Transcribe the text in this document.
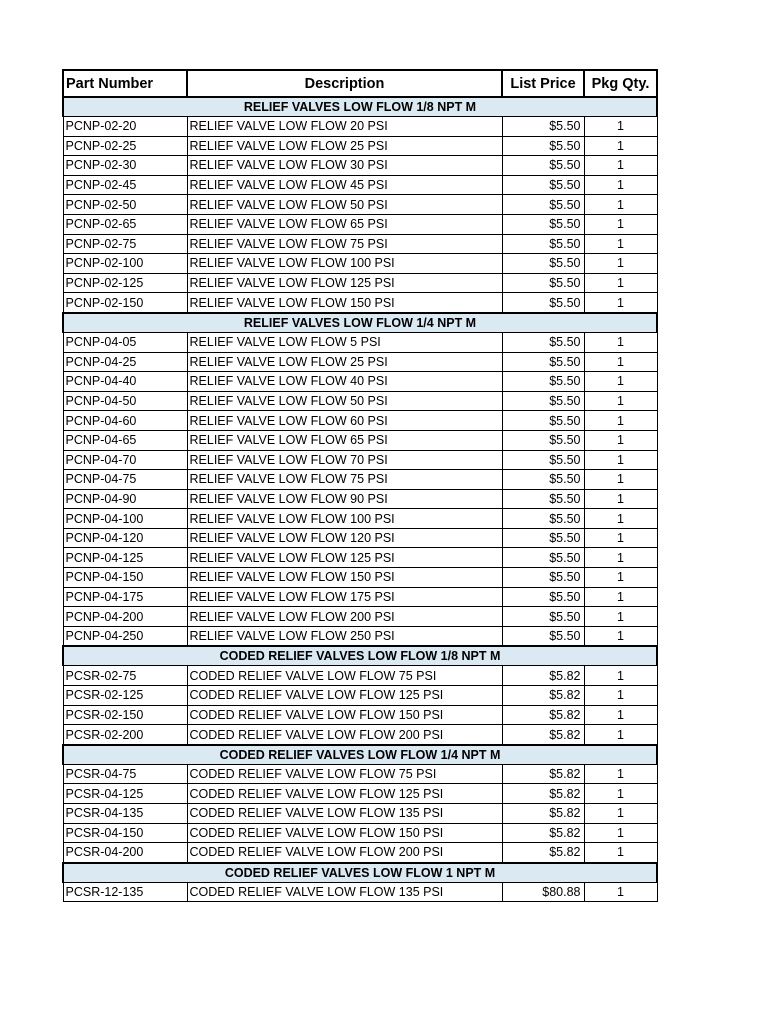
Part Number	Description	List Price	Pkg Qty.
RELIEF VALVES LOW FLOW 1/8 NPT M			
PCNP-02-20	RELIEF VALVE LOW FLOW 20 PSI	$5.50	1
PCNP-02-25	RELIEF VALVE LOW FLOW 25 PSI	$5.50	1
PCNP-02-30	RELIEF VALVE LOW FLOW 30 PSI	$5.50	1
PCNP-02-45	RELIEF VALVE LOW FLOW 45 PSI	$5.50	1
PCNP-02-50	RELIEF VALVE LOW FLOW 50 PSI	$5.50	1
PCNP-02-65	RELIEF VALVE LOW FLOW 65 PSI	$5.50	1
PCNP-02-75	RELIEF VALVE LOW FLOW 75 PSI	$5.50	1
PCNP-02-100	RELIEF VALVE LOW FLOW 100 PSI	$5.50	1
PCNP-02-125	RELIEF VALVE LOW FLOW 125 PSI	$5.50	1
PCNP-02-150	RELIEF VALVE LOW FLOW 150 PSI	$5.50	1
RELIEF VALVES LOW FLOW 1/4 NPT M			
PCNP-04-05	RELIEF VALVE LOW FLOW 5 PSI	$5.50	1
PCNP-04-25	RELIEF VALVE LOW FLOW 25 PSI	$5.50	1
PCNP-04-40	RELIEF VALVE LOW FLOW 40 PSI	$5.50	1
PCNP-04-50	RELIEF VALVE LOW FLOW 50 PSI	$5.50	1
PCNP-04-60	RELIEF VALVE LOW FLOW 60 PSI	$5.50	1
PCNP-04-65	RELIEF VALVE LOW FLOW 65 PSI	$5.50	1
PCNP-04-70	RELIEF VALVE LOW FLOW 70 PSI	$5.50	1
PCNP-04-75	RELIEF VALVE LOW FLOW 75 PSI	$5.50	1
PCNP-04-90	RELIEF VALVE LOW FLOW 90 PSI	$5.50	1
PCNP-04-100	RELIEF VALVE LOW FLOW 100 PSI	$5.50	1
PCNP-04-120	RELIEF VALVE LOW FLOW 120 PSI	$5.50	1
PCNP-04-125	RELIEF VALVE LOW FLOW 125 PSI	$5.50	1
PCNP-04-150	RELIEF VALVE LOW FLOW 150 PSI	$5.50	1
PCNP-04-175	RELIEF VALVE LOW FLOW 175 PSI	$5.50	1
PCNP-04-200	RELIEF VALVE LOW FLOW 200 PSI	$5.50	1
PCNP-04-250	RELIEF VALVE LOW FLOW 250 PSI	$5.50	1
CODED RELIEF VALVES LOW FLOW 1/8 NPT M			
PCSR-02-75	CODED RELIEF VALVE LOW FLOW 75 PSI	$5.82	1
PCSR-02-125	CODED RELIEF VALVE LOW FLOW 125 PSI	$5.82	1
PCSR-02-150	CODED RELIEF VALVE LOW FLOW 150 PSI	$5.82	1
PCSR-02-200	CODED RELIEF VALVE LOW FLOW 200 PSI	$5.82	1
CODED RELIEF VALVES LOW FLOW 1/4 NPT M			
PCSR-04-75	CODED RELIEF VALVE LOW FLOW 75 PSI	$5.82	1
PCSR-04-125	CODED RELIEF VALVE LOW FLOW 125 PSI	$5.82	1
PCSR-04-135	CODED RELIEF VALVE LOW FLOW 135 PSI	$5.82	1
PCSR-04-150	CODED RELIEF VALVE LOW FLOW 150 PSI	$5.82	1
PCSR-04-200	CODED RELIEF VALVE LOW FLOW 200 PSI	$5.82	1
CODED RELIEF VALVES LOW FLOW 1 NPT M			
PCSR-12-135	CODED RELIEF VALVE LOW FLOW 135 PSI	$80.88	1
